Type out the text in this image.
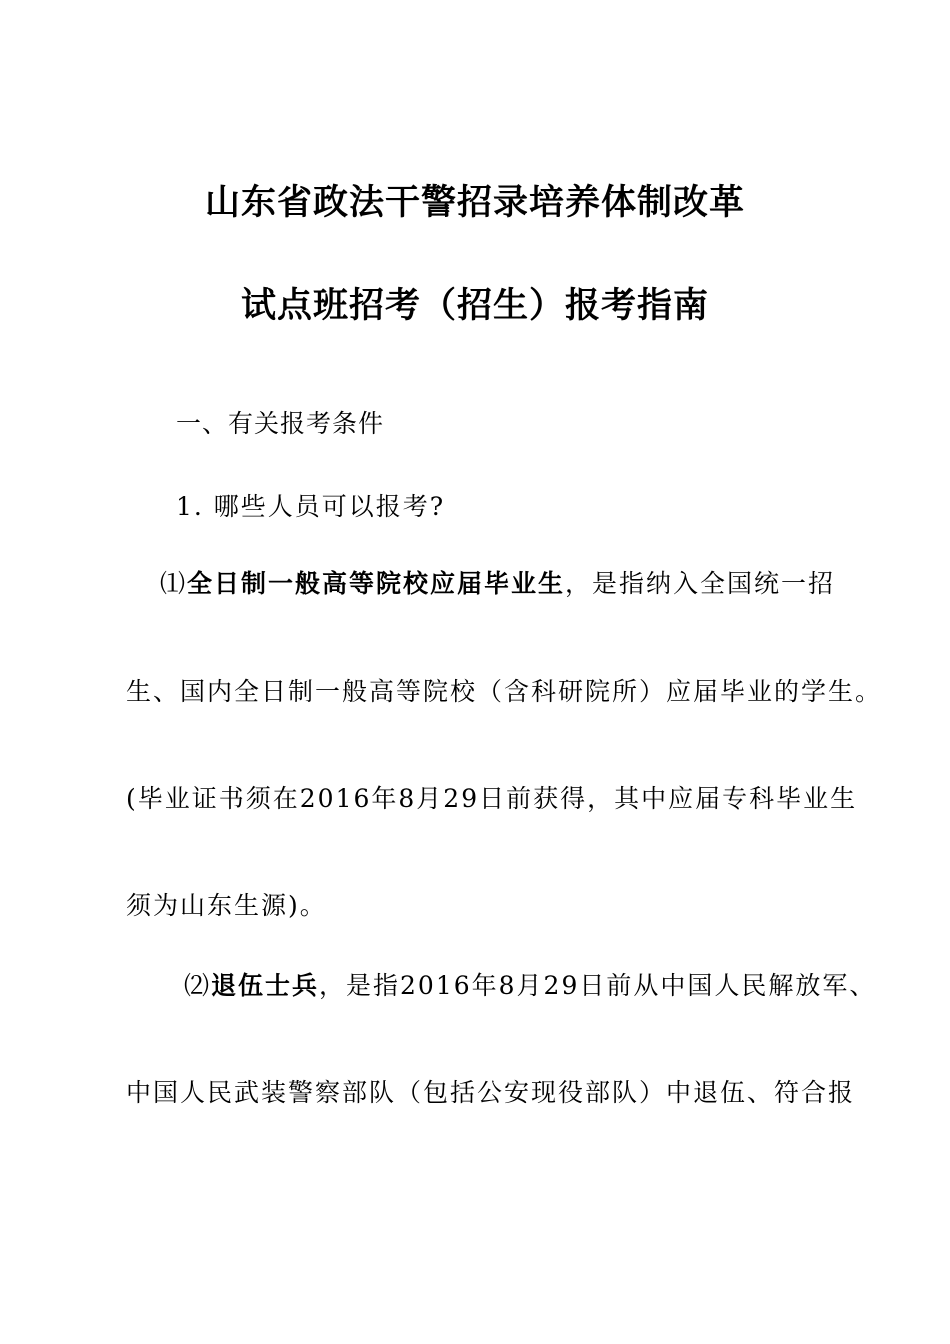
山东省政法干警招录培养体制改革
试点班招考（招生）报考指南
一、有关报考条件
1. 哪些人员可以报考?
⑴全日制一般高等院校应届毕业生，是指纳入全国统一招
生、国内全日制一般高等院校（含科研院所）应届毕业的学生。
(毕业证书须在2016年8月29日前获得，其中应届专科毕业生
须为山东生源)。
⑵退伍士兵，是指2016年8月29日前从中国人民解放军、
中国人民武装警察部队（包括公安现役部队）中退伍、符合报
